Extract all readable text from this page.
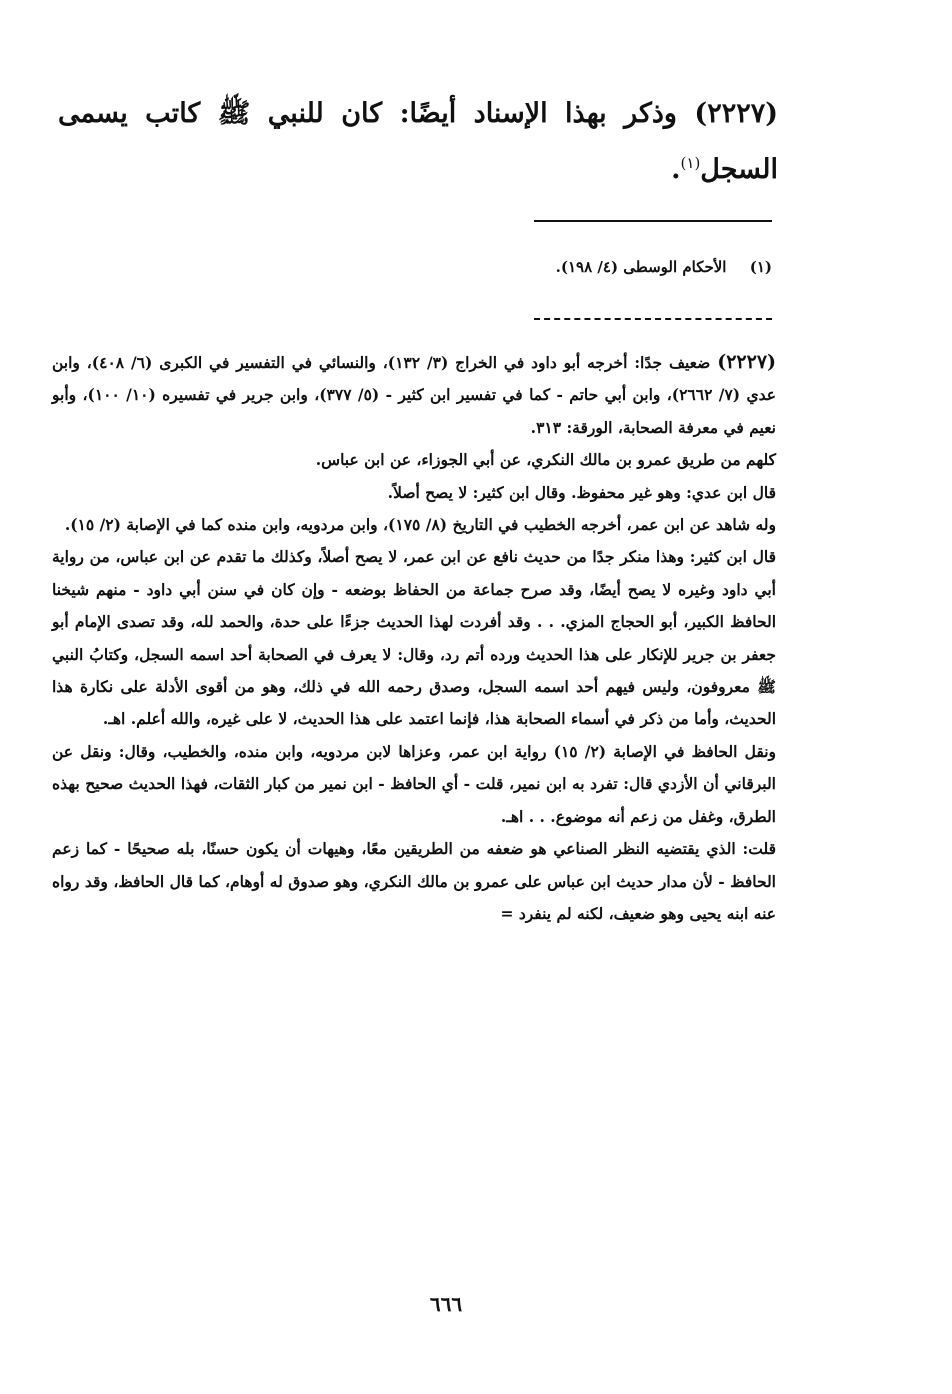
(٢٢٢٧) وذكر بهذا الإسناد أيضًا: كان للنبي ﷺ كاتب يسمى السجل$^{(١)}$.
(١) الأحكام الوسطى (٤/ ١٩٨).

(٢٢٢٧) ضعيف جدًا: أخرجه أبو داود في الخراج (٣/ ١٣٢)، والنسائي في التفسير في الكبرى (٦/ ٤٠٨)، وابن عدي (٧/ ٢٦٦٢)، وابن أبي حاتم - كما في تفسير ابن كثير - (٥/ ٣٧٧)، وابن جرير في تفسيره (١٠/ ١٠٠)، وأبو نعيم في معرفة الصحابة، الورقة: ٣١٣.

كلهم من طريق عمرو بن مالك النكري، عن أبي الجوزاء، عن ابن عباس.

قال ابن عدي: وهو غير محفوظ. وقال ابن كثير: لا يصح أصلاً.

وله شاهد عن ابن عمر، أخرجه الخطيب في التاريخ (٨/ ١٧٥)، وابن مردويه، وابن منده كما في الإصابة (٢/ ١٥).

قال ابن كثير: وهذا منكر جدًا من حديث نافع عن ابن عمر، لا يصح أصلاً، وكذلك ما تقدم عن ابن عباس، من رواية أبي داود وغيره لا يصح أيضًا، وقد صرح جماعة من الحفاظ بوضعه - وإن كان في سنن أبي داود - منهم شيخنا الحافظ الكبير، أبو الحجاج المزي. . . وقد أفردت لهذا الحديث جزءًا على حدة، والحمد لله، وقد تصدى الإمام أبو جعفر بن جرير للإنكار على هذا الحديث ورده أتم رد، وقال: لا يعرف في الصحابة أحد اسمه السجل، وكتابُ النبي ﷺ معروفون، وليس فيهم أحد اسمه السجل، وصدق رحمه الله في ذلك، وهو من أقوى الأدلة على نكارة هذا الحديث، وأما من ذكر في أسماء الصحابة هذا، فإنما اعتمد على هذا الحديث، لا على غيره، والله أعلم. اهـ.

ونقل الحافظ في الإصابة (٢/ ١٥) رواية ابن عمر، وعزاها لابن مردويه، وابن منده، والخطيب، وقال: ونقل عن البرقاني أن الأزدي قال: تفرد به ابن نمير، قلت - أي الحافظ - ابن نمير من كبار الثقات، فهذا الحديث صحيح بهذه الطرق، وغفل من زعم أنه موضوع. . . اهـ.

قلت: الذي يقتضيه النظر الصناعي هو ضعفه من الطريقين معًا، وهيهات أن يكون حسنًا، بله صحيحًا - كما زعم الحافظ - لأن مدار حديث ابن عباس على عمرو بن مالك النكري، وهو صدوق له أوهام، كما قال الحافظ، وقد رواه عنه ابنه يحيى وهو ضعيف، لكنه لم ينفرد =

٦٦٦
